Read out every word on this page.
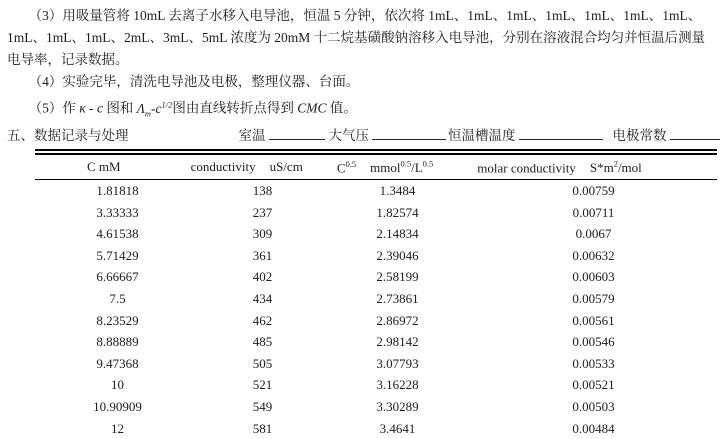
（3）用吸量管将 10mL 去离子水移入电导池，恒温 5 分钟，依次将 1mL、1mL、1mL、1mL、1mL、1mL、1mL、1mL、1mL、1mL、2mL、3mL、5mL 浓度为 20mM 十二烷基磺酸钠溶移入电导池，分别在溶液混合均匀并恒温后测量电导率，记录数据。

（4）实验完毕，清洗电导池及电极，整理仪器、台面。

（5）作 κ - c 图和 $\Lambda_m-c^{1/2}$图由直线转折点得到 CMC 值。

五、数据记录与处理	室温	大气压	恒温槽温度	电极常数
C mM	conductivity uS/cm	$C^{0.5}$ $mmol^{0.5}/L^{0.5}$	molar conductivity $S*m^2$/mol
1.81818	138	1.3484	0.00759
3.33333	237	1.82574	0.00711
4.61538	309	2.14834	0.0067
5.71429	361	2.39046	0.00632
6.66667	402	2.58199	0.00603
7.5	434	2.73861	0.00579
8.23529	462	2.86972	0.00561
8.88889	485	2.98142	0.00546
9.47368	505	3.07793	0.00533
10	521	3.16228	0.00521
10.90909	549	3.30289	0.00503
12	581	3.4641	0.00484
